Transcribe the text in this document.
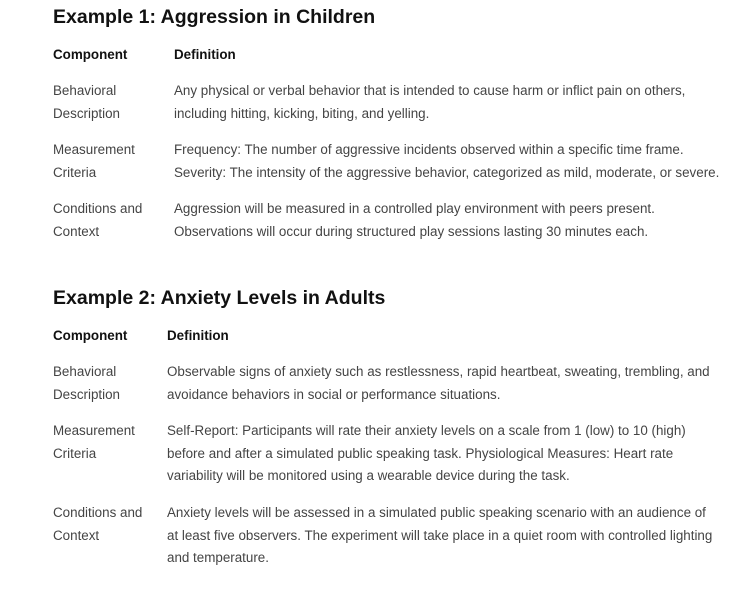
Example 1: Aggression in Children
Component	Definition

Behavioral
Description	Any physical or verbal behavior that is intended to cause harm or inflict pain on others,
including hitting, kicking, biting, and yelling.

Measurement
Criteria	Frequency: The number of aggressive incidents observed within a specific time frame.
Severity: The intensity of the aggressive behavior, categorized as mild, moderate, or severe.

Conditions and
Context	Aggression will be measured in a controlled play environment with peers present.
Observations will occur during structured play sessions lasting 30 minutes each.
Example 2: Anxiety Levels in Adults
Component	Definition

Behavioral
Description	Observable signs of anxiety such as restlessness, rapid heartbeat, sweating, trembling, and
avoidance behaviors in social or performance situations.

Measurement
Criteria	Self-Report: Participants will rate their anxiety levels on a scale from 1 (low) to 10 (high)
before and after a simulated public speaking task. Physiological Measures: Heart rate
variability will be monitored using a wearable device during the task.

Conditions and
Context	Anxiety levels will be assessed in a simulated public speaking scenario with an audience of
at least five observers. The experiment will take place in a quiet room with controlled lighting
and temperature.
